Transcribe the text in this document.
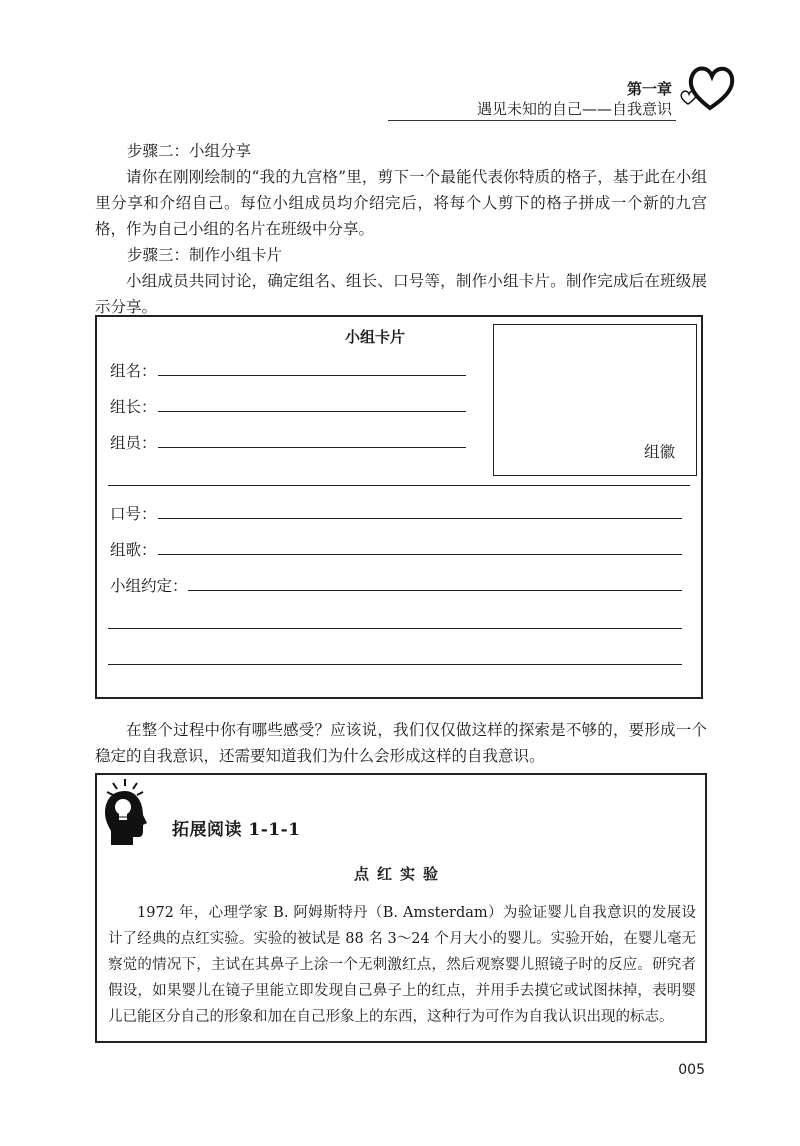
第一章
遇见未知的自己——自我意识
步骤二：小组分享
请你在刚刚绘制的“我的九宫格”里，剪下一个最能代表你特质的格子，基于此在小组里分享和介绍自己。每位小组成员均介绍完后，将每个人剪下的格子拼成一个新的九宫格，作为自己小组的名片在班级中分享。
步骤三：制作小组卡片
小组成员共同讨论，确定组名、组长、口号等，制作小组卡片。制作完成后在班级展示分享。
小组卡片
组徽
组名：
组长：
组员：
口号：
组歌：
小组约定：
在整个过程中你有哪些感受？应该说，我们仅仅做这样的探索是不够的，要形成一个稳定的自我意识，还需要知道我们为什么会形成这样的自我意识。
拓展阅读 1-1-1
点红实验
1972 年，心理学家 B. 阿姆斯特丹（B. Amsterdam）为验证婴儿自我意识的发展设计了经典的点红实验。实验的被试是 88 名 3～24 个月大小的婴儿。实验开始，在婴儿毫无察觉的情况下，主试在其鼻子上涂一个无刺激红点，然后观察婴儿照镜子时的反应。研究者假设，如果婴儿在镜子里能立即发现自己鼻子上的红点，并用手去摸它或试图抹掉，表明婴儿已能区分自己的形象和加在自己形象上的东西，这种行为可作为自我认识出现的标志。
005
